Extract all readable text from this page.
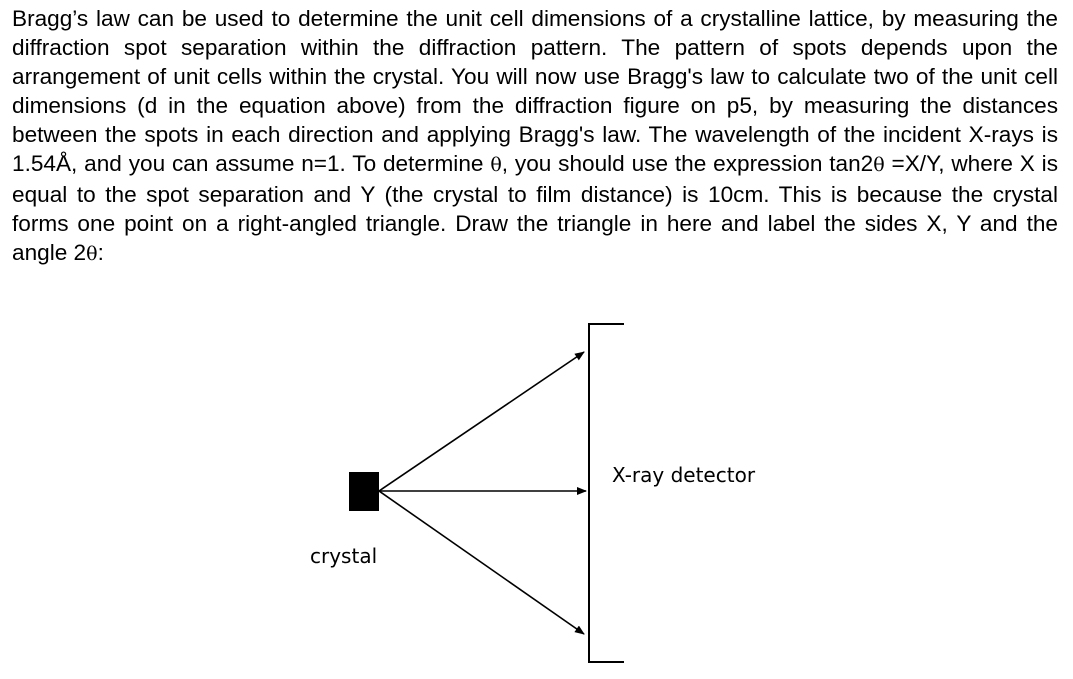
Bragg’s law can be used to determine the unit cell dimensions of a crystalline lattice, by measuring the diffraction spot separation within the diffraction pattern. The pattern of spots depends upon the arrangement of unit cells within the crystal. You will now use Bragg's law to calculate two of the unit cell dimensions (d in the equation above) from the diffraction figure on p5, by measuring the distances between the spots in each direction and applying Bragg's law. The wavelength of the incident X-rays is 1.54Å, and you can assume n=1. To determine θ, you should use the expression tan2θ =X/Y, where X is equal to the spot separation and Y (the crystal to film distance) is 10cm. This is because the crystal forms one point on a right-angled triangle. Draw the triangle in here and label the sides X, Y and the angle 2θ:

X-ray detector
crystal
